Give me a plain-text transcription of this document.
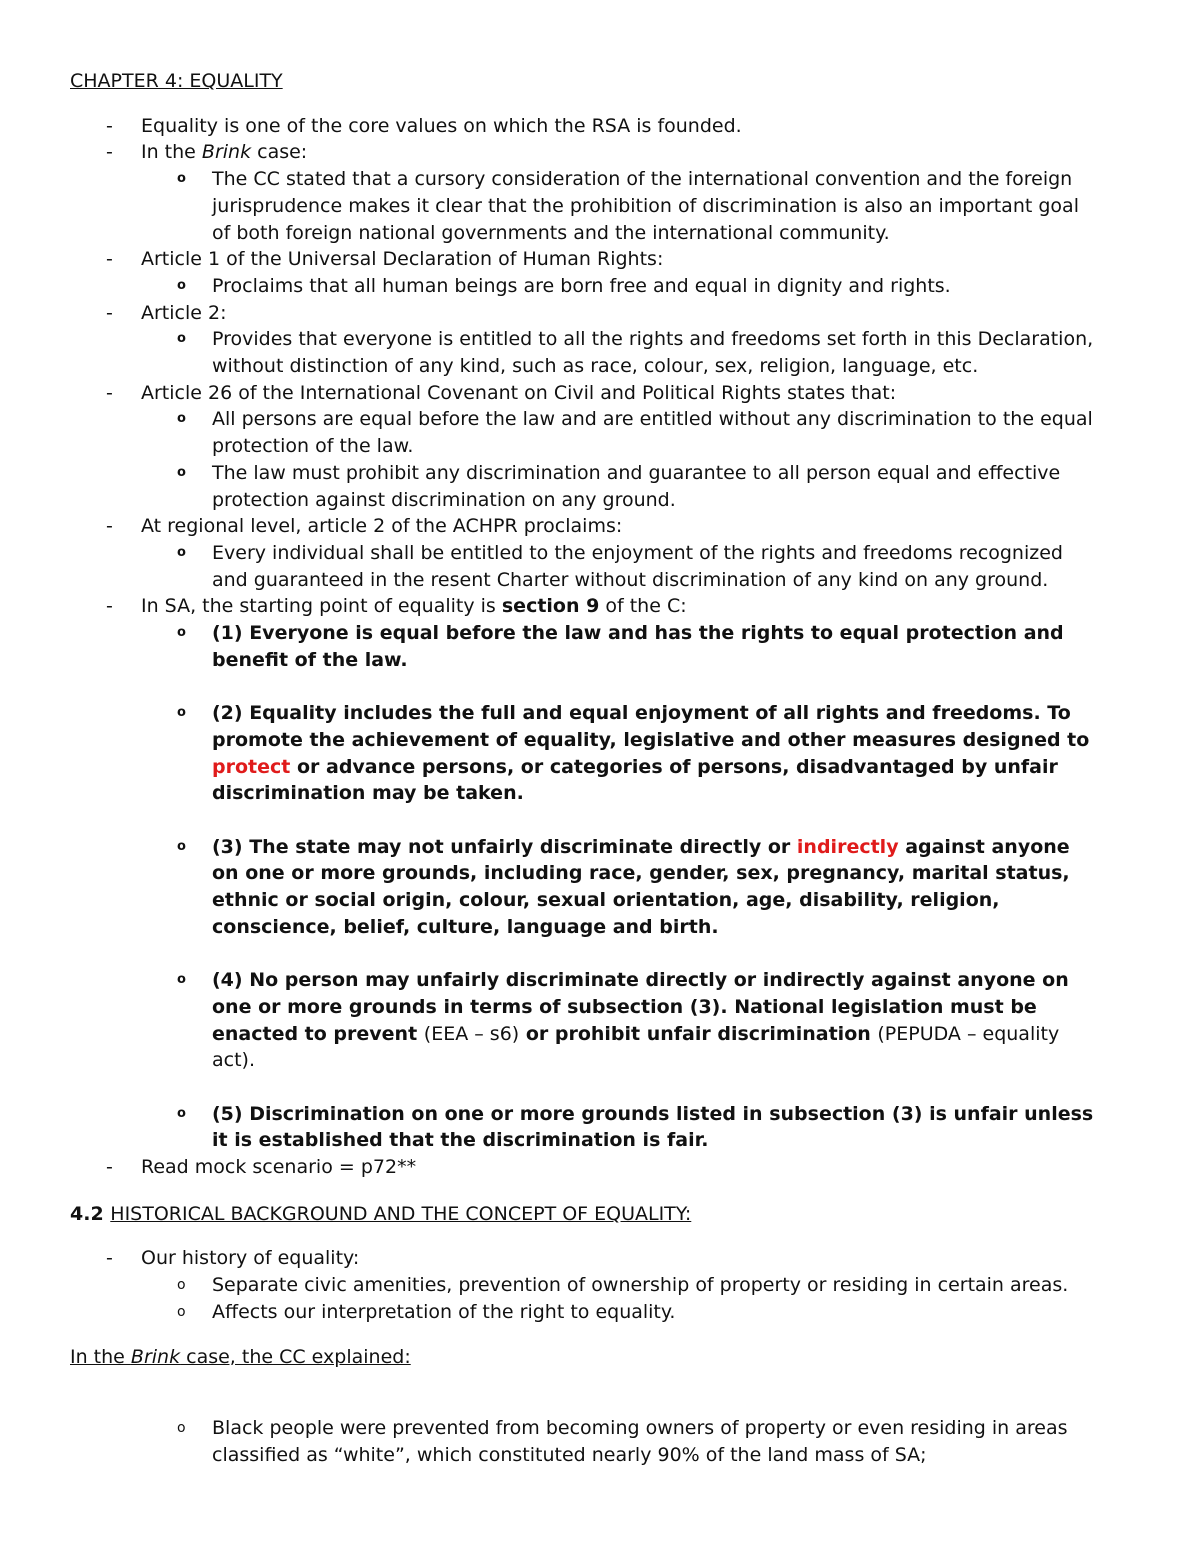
CHAPTER 4: EQUALITY
- Equality is one of the core values on which the RSA is founded.
- In the Brink case:
o The CC stated that a cursory consideration of the international convention and the foreign
jurisprudence makes it clear that the prohibition of discrimination is also an important goal
of both foreign national governments and the international community.
- Article 1 of the Universal Declaration of Human Rights:
o Proclaims that all human beings are born free and equal in dignity and rights.
- Article 2:
o Provides that everyone is entitled to all the rights and freedoms set forth in this Declaration,
without distinction of any kind, such as race, colour, sex, religion, language, etc.
- Article 26 of the International Covenant on Civil and Political Rights states that:
o All persons are equal before the law and are entitled without any discrimination to the equal
protection of the law.
o The law must prohibit any discrimination and guarantee to all person equal and effective
protection against discrimination on any ground.
- At regional level, article 2 of the ACHPR proclaims:
o Every individual shall be entitled to the enjoyment of the rights and freedoms recognized
and guaranteed in the resent Charter without discrimination of any kind on any ground.
- In SA, the starting point of equality is section 9 of the C:
o (1) Everyone is equal before the law and has the rights to equal protection and
benefit of the law.
o (2) Equality includes the full and equal enjoyment of all rights and freedoms. To
promote the achievement of equality, legislative and other measures designed to
protect or advance persons, or categories of persons, disadvantaged by unfair
discrimination may be taken.
o (3) The state may not unfairly discriminate directly or indirectly against anyone
on one or more grounds, including race, gender, sex, pregnancy, marital status,
ethnic or social origin, colour, sexual orientation, age, disability, religion,
conscience, belief, culture, language and birth.
o (4) No person may unfairly discriminate directly or indirectly against anyone on
one or more grounds in terms of subsection (3). National legislation must be
enacted to prevent (EEA – s6) or prohibit unfair discrimination (PEPUDA – equality
act).
o (5) Discrimination on one or more grounds listed in subsection (3) is unfair unless
it is established that the discrimination is fair.
- Read mock scenario = p72**
4.2 HISTORICAL BACKGROUND AND THE CONCEPT OF EQUALITY:
- Our history of equality:
o Separate civic amenities, prevention of ownership of property or residing in certain areas.
o Affects our interpretation of the right to equality.
In the Brink case, the CC explained:
o Black people were prevented from becoming owners of property or even residing in areas
classified as “white”, which constituted nearly 90% of the land mass of SA;
